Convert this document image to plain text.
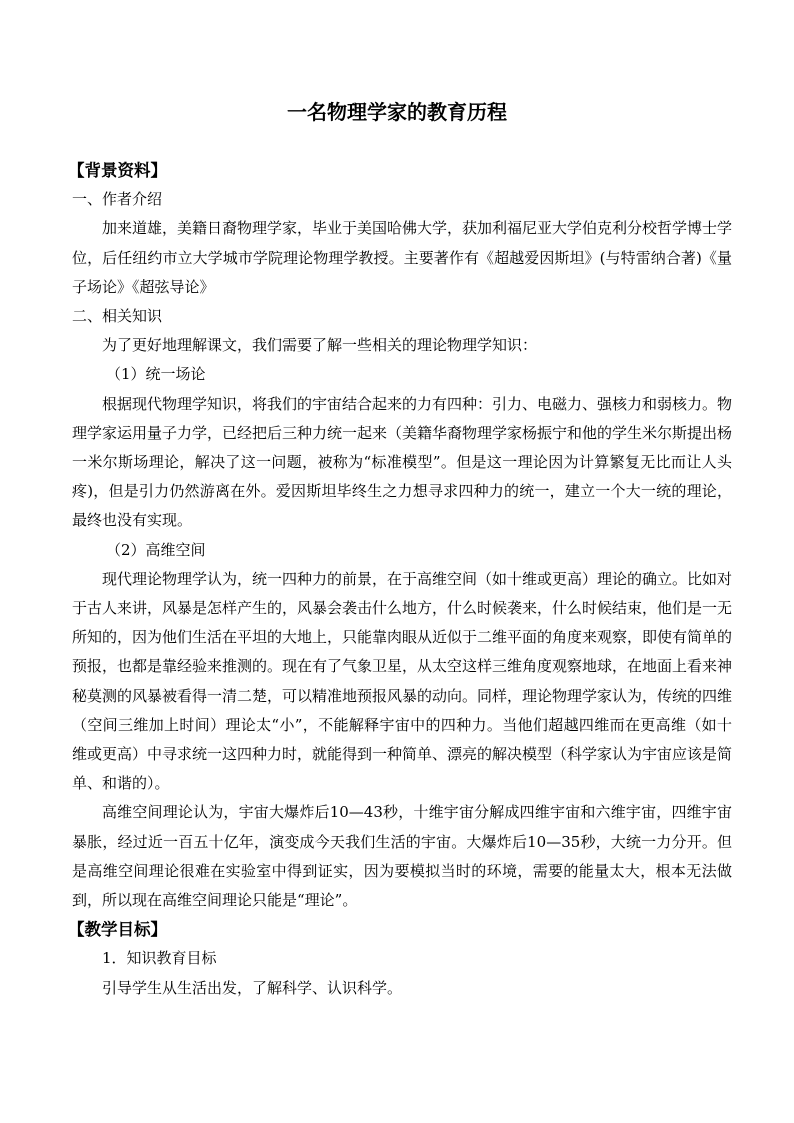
一名物理学家的教育历程

【背景资料】

一、作者介绍

加来道雄，美籍日裔物理学家，毕业于美国哈佛大学，获加利福尼亚大学伯克利分校哲学博士学位，后任纽约市立大学城市学院理论物理学教授。主要著作有《超越爱因斯坦》(与特雷纳合著)《量子场论》《超弦导论》

二、相关知识

为了更好地理解课文，我们需要了解一些相关的理论物理学知识：

（1）统一场论

根据现代物理学知识，将我们的宇宙结合起来的力有四种：引力、电磁力、强核力和弱核力。物理学家运用量子力学，已经把后三种力统一起来（美籍华裔物理学家杨振宁和他的学生米尔斯提出杨一米尔斯场理论，解决了这一问题，被称为“标准模型”。但是这一理论因为计算繁复无比而让人头疼)，但是引力仍然游离在外。爱因斯坦毕终生之力想寻求四种力的统一，建立一个大一统的理论，最终也没有实现。

（2）高维空间

现代理论物理学认为，统一四种力的前景，在于高维空间（如十维或更高）理论的确立。比如对于古人来讲，风暴是怎样产生的，风暴会袭击什么地方，什么时候袭来，什么时候结束，他们是一无所知的，因为他们生活在平坦的大地上，只能靠肉眼从近似于二维平面的角度来观察，即使有简单的预报，也都是靠经验来推测的。现在有了气象卫星，从太空这样三维角度观察地球，在地面上看来神秘莫测的风暴被看得一清二楚，可以精准地预报风暴的动向。同样，理论物理学家认为，传统的四维（空间三维加上时间）理论太“小”，不能解释宇宙中的四种力。当他们超越四维而在更高维（如十维或更高）中寻求统一这四种力时，就能得到一种简单、漂亮的解决模型（科学家认为宇宙应该是简单、和谐的）。

高维空间理论认为，宇宙大爆炸后10—43秒，十维宇宙分解成四维宇宙和六维宇宙，四维宇宙暴胀，经过近一百五十亿年，演变成今天我们生活的宇宙。大爆炸后10—35秒，大统一力分开。但是高维空间理论很难在实验室中得到证实，因为要模拟当时的环境，需要的能量太大，根本无法做到，所以现在高维空间理论只能是“理论”。

【教学目标】

1．知识教育目标

引导学生从生活出发，了解科学、认识科学。
